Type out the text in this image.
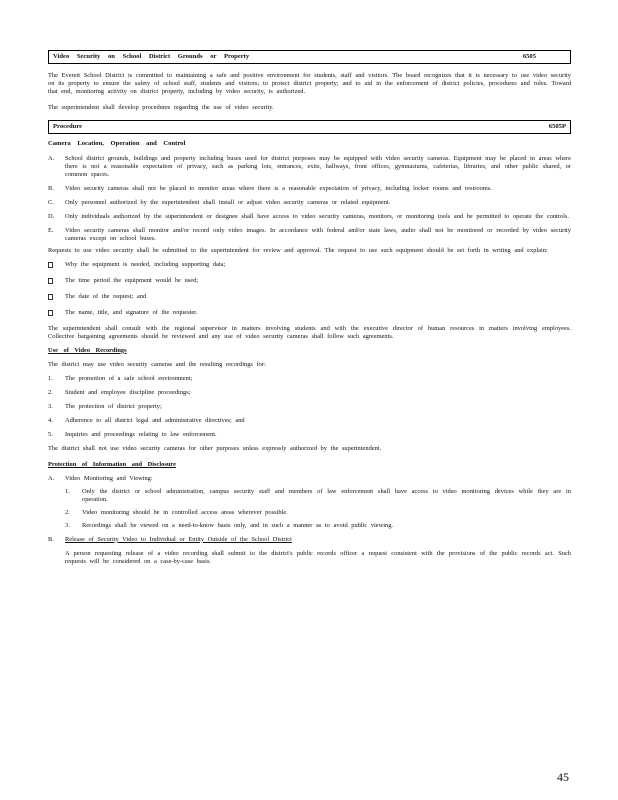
Video Security on School District Grounds or Property	6505

The Everett School District is committed to maintaining a safe and positive environment for students, staff and visitors. The board recognizes that it is necessary to use video security on its property to ensure the safety of school staff, students and visitors; to protect district property; and to aid in the enforcement of district policies, procedures and rules. Toward that end, monitoring activity on district property, including by video security, is authorized.

The superintendent shall develop procedures regarding the use of video security.

Procedure	6505P
Camera Location, Operation and Control
A.	School district grounds, buildings and property including buses used for district purposes may be equipped with video security cameras. Equipment may be placed in areas where there is not a reasonable expectation of privacy, such as parking lots, entrances, exits, hallways, front offices, gymnasiums, cafeterias, libraries, and other public shared, or common spaces.
B.	Video security cameras shall not be placed to monitor areas where there is a reasonable expectation of privacy, including locker rooms and restrooms.
C.	Only personnel authorized by the superintendent shall install or adjust video security cameras or related equipment.
D.	Only individuals authorized by the superintendent or designee shall have access to video security cameras, monitors, or monitoring tools and be permitted to operate the controls.
E.	Video security cameras shall monitor and/or record only video images. In accordance with federal and/or state laws, audio shall not be monitored or recorded by video security cameras except on school buses.

Requests to use video security shall be submitted to the superintendent for review and approval. The request to use such equipment should be set forth in writing and explain:

Why the equipment is needed, including supporting data;
The time period the equipment would be used;
The date of the request; and
The name, title, and signature of the requester.

The superintendent shall consult with the regional supervisor in matters involving students and with the executive director of human resources in matters involving employees. Collective bargaining agreements should be reviewed and any use of video security cameras shall follow such agreements.

Use of Video Recordings

The district may use video security cameras and the resulting recordings for:

1.	The promotion of a safe school environment;
2.	Student and employee discipline proceedings;
3.	The protection of district property;
4.	Adherence to all district legal and administrative directives; and
5.	Inquiries and proceedings relating to law enforcement.

The district shall not use video security cameras for other purposes unless expressly authorized by the superintendent.

Protection of Information and Disclosure
A.	Video Monitoring and Viewing:
1.	Only the district or school administration, campus security staff and members of law enforcement shall have access to video monitoring devices while they are in operation.
2.	Video monitoring should be in controlled access areas wherever possible.
3.	Recordings shall be viewed on a need-to-know basis only, and in such a manner as to avoid public viewing.
B.	Release of Security Video to Individual or Entity Outside of the School District
A person requesting release of a video recording shall submit to the district's public records officer a request consistent with the provisions of the public records act. Such requests will be considered on a case-by-case basis.
45
